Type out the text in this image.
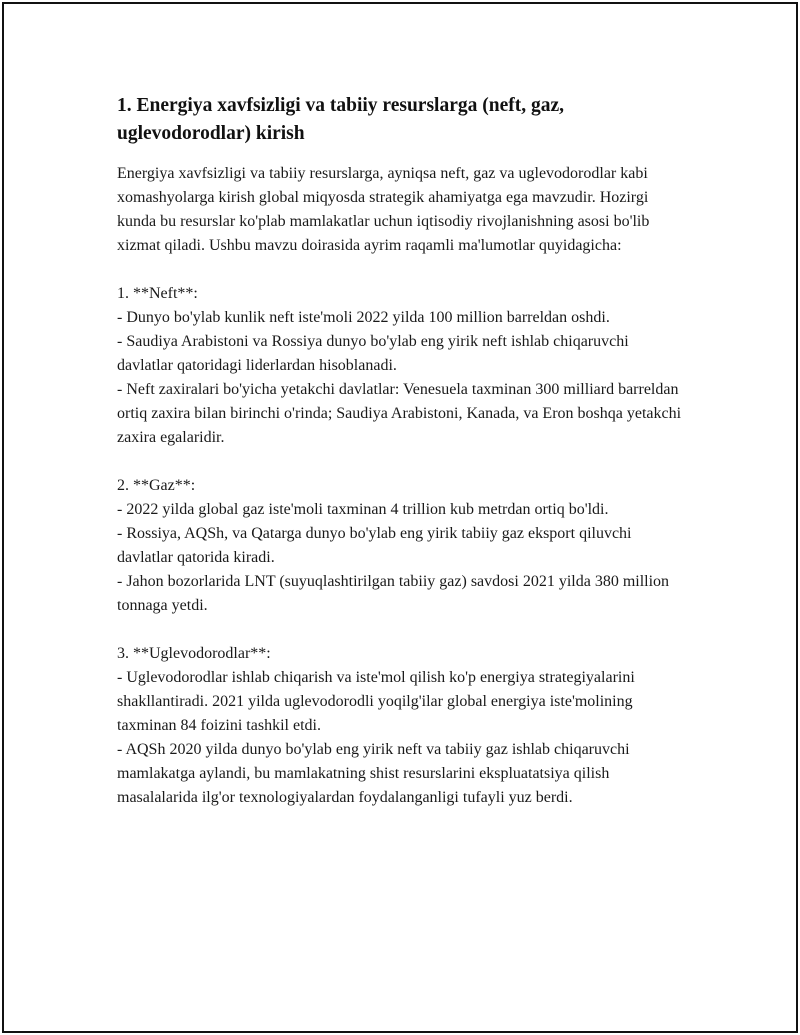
1. Energiya xavfsizligi va tabiiy resurslarga (neft, gaz, uglevodorodlar) kirish
Energiya xavfsizligi va tabiiy resurslarga, ayniqsa neft, gaz va uglevodorodlar kabi xomashyolarga kirish global miqyosda strategik ahamiyatga ega mavzudir. Hozirgi kunda bu resurslar ko'plab mamlakatlar uchun iqtisodiy rivojlanishning asosi bo'lib xizmat qiladi. Ushbu mavzu doirasida ayrim raqamli ma'lumotlar quyidagicha:

1. **Neft**:
- Dunyo bo'ylab kunlik neft iste'moli 2022 yilda 100 million barreldan oshdi.
- Saudiya Arabistoni va Rossiya dunyo bo'ylab eng yirik neft ishlab chiqaruvchi davlatlar qatoridagi liderlardan hisoblanadi.
- Neft zaxiralari bo'yicha yetakchi davlatlar: Venesuela taxminan 300 milliard barreldan ortiq zaxira bilan birinchi o'rinda; Saudiya Arabistoni, Kanada, va Eron boshqa yetakchi zaxira egalaridir.

2. **Gaz**:
- 2022 yilda global gaz iste'moli taxminan 4 trillion kub metrdan ortiq bo'ldi.
- Rossiya, AQSh, va Qatarga dunyo bo'ylab eng yirik tabiiy gaz eksport qiluvchi davlatlar qatorida kiradi.
- Jahon bozorlarida LNT (suyuqlashtirilgan tabiiy gaz) savdosi 2021 yilda 380 million tonnaga yetdi.

3. **Uglevodorodlar**:
- Uglevodorodlar ishlab chiqarish va iste'mol qilish ko'p energiya strategiyalarini shakllantiradi. 2021 yilda uglevodorodli yoqilg'ilar global energiya iste'molining taxminan 84 foizini tashkil etdi.
- AQSh 2020 yilda dunyo bo'ylab eng yirik neft va tabiiy gaz ishlab chiqaruvchi mamlakatga aylandi, bu mamlakatning shist resurslarini ekspluatatsiya qilish masalalarida ilg'or texnologiyalardan foydalanganligi tufayli yuz berdi.
